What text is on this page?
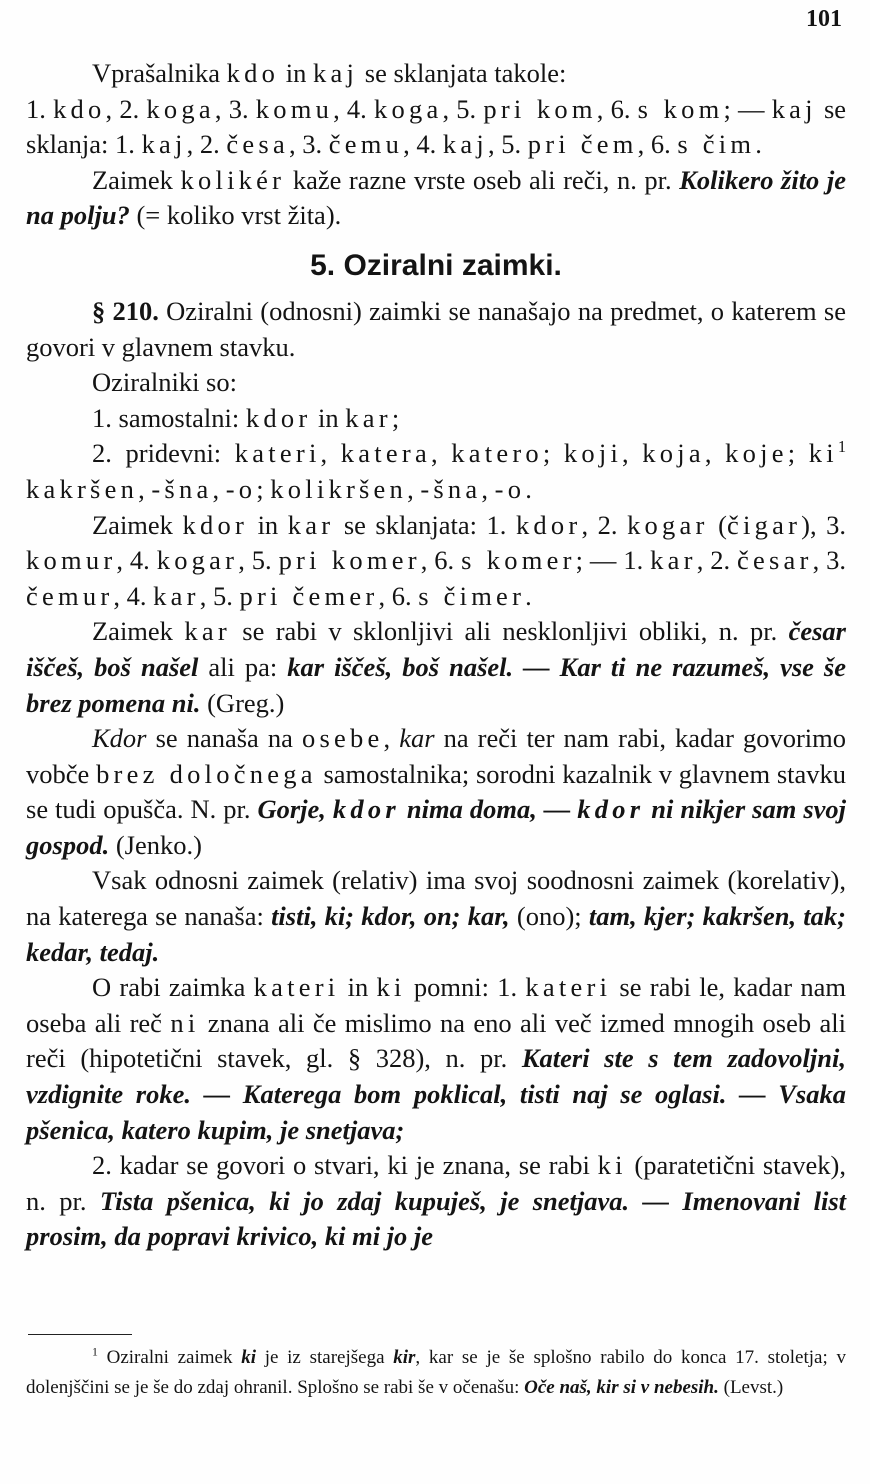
101

Vprašalnika kdo in kaj se sklanjata takole:
1. kdo, 2. koga, 3. komu, 4. koga, 5. pri kom, 6. s kom; — kaj se sklanja: 1. kaj, 2. česa, 3. čemu, 4. kaj, 5. pri čem, 6. s čim.

Zaimek kolikér kaže razne vrste oseb ali reči, n. pr. Kolikero žito je na polju? (= koliko vrst žita).

5. Oziralni zaimki.

§ 210. Oziralni (odnosni) zaimki se nanašajo na predmet, o katerem se govori v glavnem stavku.

Oziralniki so:

1. samostalni: kdor in kar;

2. pridevni: kateri, katera, katero; koji, koja, koje; $ki^1$ kakršen, -šna, -o; kolikršen, -šna, -o.

Zaimek kdor in kar se sklanjata: 1. kdor, 2. kogar (čigar), 3. komur, 4. kogar, 5. pri komer, 6. s komer; — 1. kar, 2. česar, 3. čemur, 4. kar, 5. pri čemer, 6. s čimer.

Zaimek kar se rabi v sklonljivi ali nesklonljivi obliki, n. pr. česar iščeš, boš našel ali pa: kar iščeš, boš našel. — Kar ti ne razumeš, vse še brez pomena ni. (Greg.)

Kdor se nanaša na osebe, kar na reči ter nam rabi, kadar govorimo vobče brez določnega samostalnika; sorodni kazalnik v glavnem stavku se tudi opušča. N. pr. Gorje, kdor nima doma, — kdor ni nikjer sam svoj gospod. (Jenko.)

Vsak odnosni zaimek (relativ) ima svoj soodnosni zaimek (korelativ), na katerega se nanaša: tisti, ki; kdor, on; kar, (ono); tam, kjer; kakršen, tak; kedar, tedaj.

O rabi zaimka kateri in ki pomni: 1. kateri se rabi le, kadar nam oseba ali reč ni znana ali če mislimo na eno ali več izmed mnogih oseb ali reči (hipotetični stavek, gl. § 328), n. pr. Kateri ste s tem zadovoljni, vzdignite roke. — Katerega bom poklical, tisti naj se oglasi. — Vsaka pšenica, katero kupim, je snetjava;

2. kadar se govori o stvari, ki je znana, se rabi ki (paratetični stavek), n. pr. Tista pšenica, ki jo zdaj kupuješ, je snetjava. — Imenovani list prosim, da popravi krivico, ki mi jo je

$^1$ Oziralni zaimek ki je iz starejšega kir, kar se je še splošno rabilo do konca 17. stoletja; v dolenjščini se je še do zdaj ohranil. Splošno se rabi še v očenašu: Oče naš, kir si v nebesih. (Levst.)
